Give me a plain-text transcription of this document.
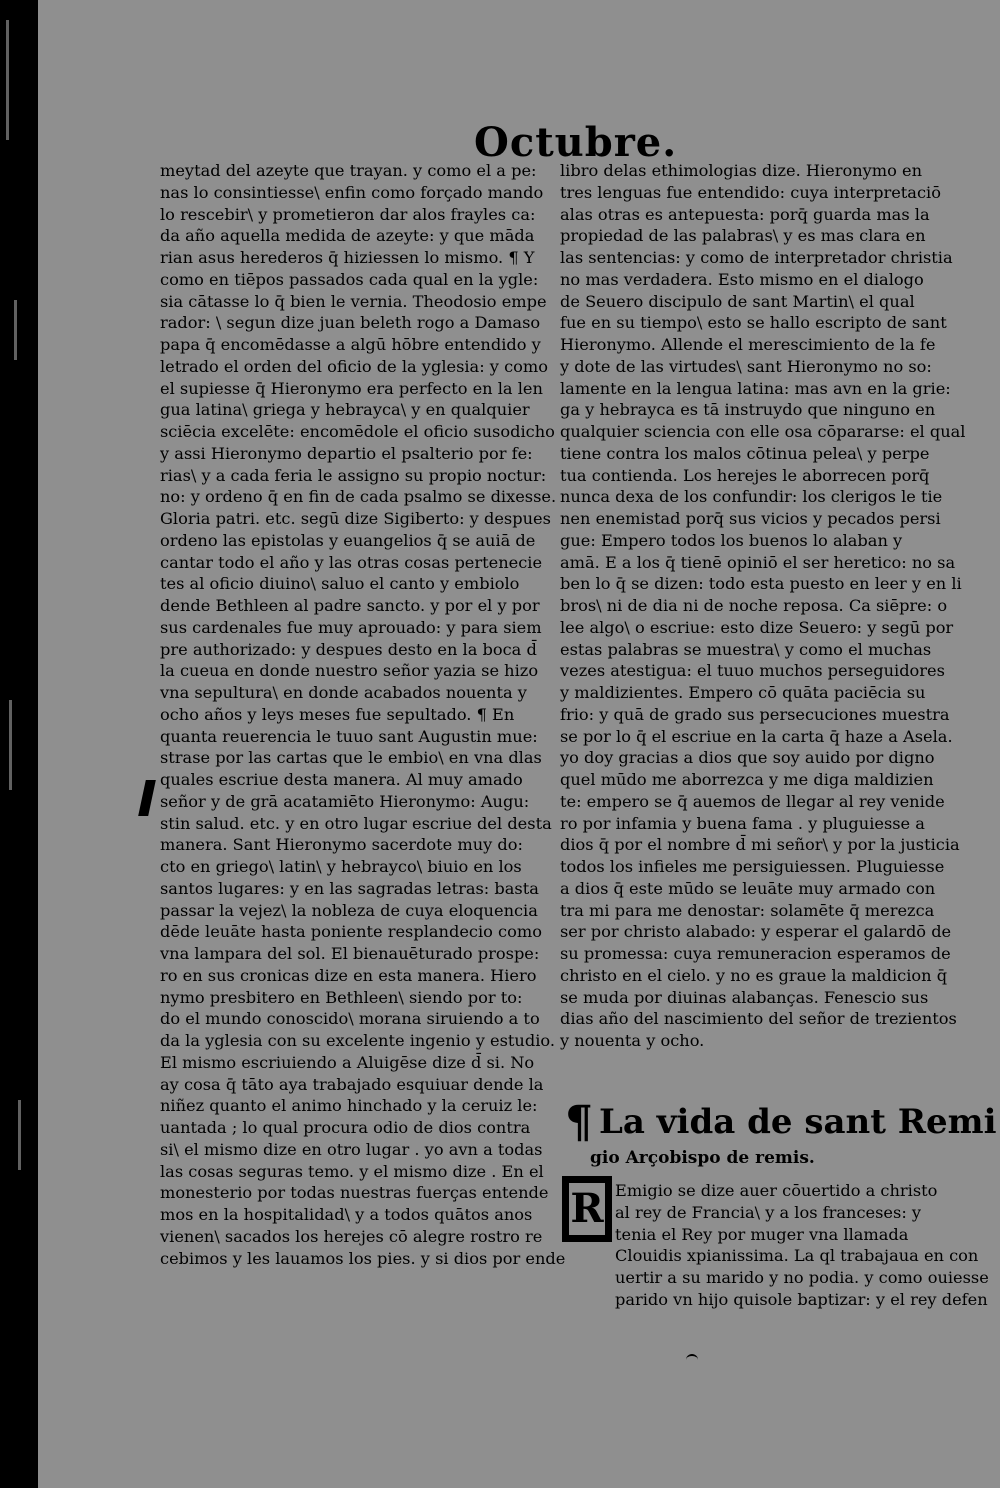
Octubre.
meytad del azeyte que trayan. y como el a pe:
nas lo consintiesse\ enfin como forçado mando
lo rescebir\ y prometieron dar alos frayles ca:
da año aquella medida de azeyte: y que māda
rian asus herederos q̄ hiziessen lo mismo. ¶ Y
como en tiēpos passados cada qual en la ygle:
sia cātasse lo q̄ bien le vernia. Theodosio empe
rador: \ segun dize juan beleth rogo a Damaso
papa q̄ encomēdasse a algū hōbre entendido y
letrado el orden del oficio de la yglesia: y como
el supiesse q̄ Hieronymo era perfecto en la len
gua latina\ griega y hebrayca\ y en qualquier
sciēcia excelēte: encomēdole el oficio susodicho
y assi Hieronymo departio el psalterio por fe:
rias\ y a cada feria le assigno su propio noctur:
no: y ordeno q̄ en fin de cada psalmo se dixesse.
Gloria patri. etc. segū dize Sigiberto: y despues
ordeno las epistolas y euangelios q̄ se auiā de
cantar todo el año y las otras cosas pertenecie
tes al oficio diuino\ saluo el canto y embiolo
dende Bethleen al padre sancto. y por el y por
sus cardenales fue muy aprouado: y para siem
pre authorizado: y despues desto en la boca d̄
la cueua en donde nuestro señor yazia se hizo
vna sepultura\ en donde acabados nouenta y
ocho años y leys meses fue sepultado. ¶ En
quanta reuerencia le tuuo sant Augustin mue:
strase por las cartas que le embio\ en vna dlas
quales escriue desta manera. Al muy amado
señor y de grā acatamiēto Hieronymo: Augu:
stin salud. etc. y en otro lugar escriue del desta
manera. Sant Hieronymo sacerdote muy do:
cto en griego\ latin\ y hebrayco\ biuio en los
santos lugares: y en las sagradas letras: basta
passar la vejez\ la nobleza de cuya eloquencia
dēde leuāte hasta poniente resplandecio como
vna lampara del sol. El bienauēturado prospe:
ro en sus cronicas dize en esta manera. Hiero
nymo presbitero en Bethleen\ siendo por to:
do el mundo conoscido\ morana siruiendo a to
da la yglesia con su excelente ingenio y estudio.
El mismo escriuiendo a Aluigēse dize d̄ si. No
ay cosa q̄ tāto aya trabajado esquiuar dende la
niñez quanto el animo hinchado y la ceruiz le:
uantada ; lo qual procura odio de dios contra
si\ el mismo dize en otro lugar . yo avn a todas
las cosas seguras temo. y el mismo dize . En el
monesterio por todas nuestras fuerças entende
mos en la hospitalidad\ y a todos quātos anos
vienen\ sacados los herejes cō alegre rostro re
cebimos y les lauamos los pies. y si dios por ende
libro delas ethimologias dize. Hieronymo en
tres lenguas fue entendido: cuya interpretaciō
alas otras es antepuesta: porq̄ guarda mas la
propiedad de las palabras\ y es mas clara en
las sentencias: y como de interpretador christia
no mas verdadera. Esto mismo en el dialogo
de Seuero discipulo de sant Martin\ el qual
fue en su tiempo\ esto se hallo escripto de sant
Hieronymo. Allende el merescimiento de la fe
y dote de las virtudes\ sant Hieronymo no so:
lamente en la lengua latina: mas avn en la grie:
ga y hebrayca es tā instruydo que ninguno en
qualquier sciencia con elle osa cōpararse: el qual
tiene contra los malos cōtinua pelea\ y perpe
tua contienda. Los herejes le aborrecen porq̄
nunca dexa de los confundir: los clerigos le tie
nen enemistad porq̄ sus vicios y pecados persi
gue: Empero todos los buenos lo alaban y
amā. E a los q̄ tienē opiniō el ser heretico: no sa
ben lo q̄ se dizen: todo esta puesto en leer y en li
bros\ ni de dia ni de noche reposa. Ca siēpre: o
lee algo\ o escriue: esto dize Seuero: y segū por
estas palabras se muestra\ y como el muchas
vezes atestigua: el tuuo muchos perseguidores
y maldizientes. Empero cō quāta paciēcia su
frio: y quā de grado sus persecuciones muestra
se por lo q̄ el escriue en la carta q̄ haze a Asela.
yo doy gracias a dios que soy auido por digno
quel mūdo me aborrezca y me diga maldizien
te: empero se q̄ auemos de llegar al rey venide
ro por infamia y buena fama . y pluguiesse a
dios q̄ por el nombre d̄ mi señor\ y por la justicia
todos los infieles me persiguiessen. Pluguiesse
a dios q̄ este mūdo se leuāte muy armado con
tra mi para me denostar: solamēte q̄ merezca
ser por christo alabado: y esperar el galardō de
su promessa: cuya remuneracion esperamos de
christo en el cielo. y no es graue la maldicion q̄
se muda por diuinas alabanças. Fenescio sus
dias año del nascimiento del señor de trezientos
y nouenta y ocho.
¶ La vida de sant Remi
gio Arçobispo de remis.
R Emigio se dize auer cōuertido a christo
al rey de Francia\ y a los franceses: y
tenia el Rey por muger vna llamada
Clouidis xpianissima. La ql trabajaua en con
uertir a su marido y no podia. y como ouiesse
parido vn hijo quisole baptizar: y el rey defen
